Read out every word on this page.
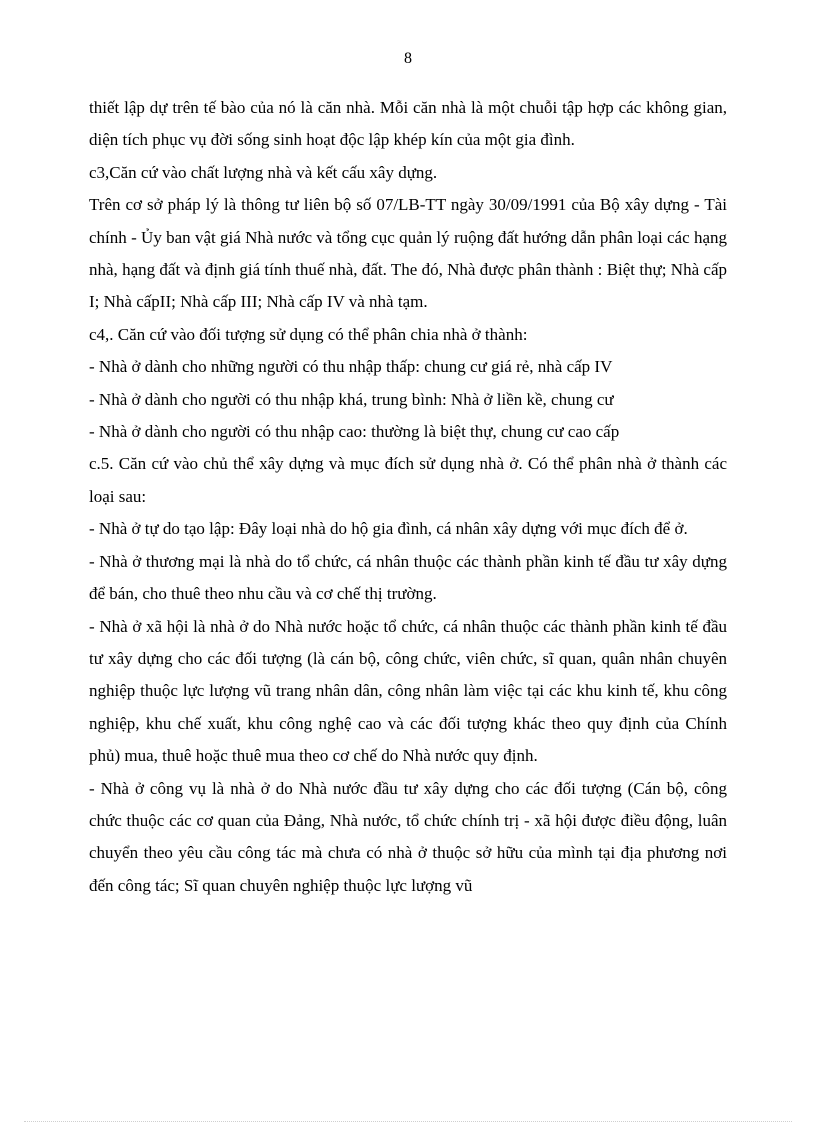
8

thiết lập dự trên tế bào của nó là căn nhà. Mỗi căn nhà là một chuỗi tập hợp các không gian, diện tích phục vụ đời sống sinh hoạt độc lập khép kín của một gia đình.

c3,Căn cứ vào chất lượng nhà và kết cấu xây dựng.

Trên cơ sở pháp lý là thông tư liên bộ số 07/LB-TT ngày 30/09/1991 của Bộ xây dựng - Tài chính - Ủy ban vật giá Nhà nước và tổng cục quản lý ruộng đất hướng dẫn phân loại các hạng nhà, hạng đất và định giá tính thuế nhà, đất. The đó, Nhà được phân thành : Biệt thự; Nhà cấp I; Nhà cấpII; Nhà cấp III; Nhà cấp IV và nhà tạm.

c4,. Căn cứ vào đối tượng sử dụng có thể phân chia nhà ở thành:

- Nhà ở dành cho những người có thu nhập thấp: chung cư giá rẻ, nhà cấp IV

- Nhà ở dành cho người có thu nhập khá, trung bình: Nhà ở liền kề, chung cư

- Nhà ở dành cho người có thu nhập cao: thường là biệt thự, chung cư cao cấp

c.5. Căn cứ vào chủ thể xây dựng và mục đích sử dụng nhà ở. Có thể phân nhà ở thành các loại sau:

- Nhà ở tự do tạo lập: Đây loại nhà do hộ gia đình, cá nhân xây dựng với mục đích để ở.

- Nhà ở thương mại là nhà do tổ chức, cá nhân thuộc các thành phần kinh tế đầu tư xây dựng để bán, cho thuê theo nhu cầu và cơ chế thị trường.

- Nhà ở xã hội là nhà ở do Nhà nước hoặc tổ chức, cá nhân thuộc các thành phần kinh tế đầu tư xây dựng cho các đối tượng (là cán bộ, công chức, viên chức, sĩ quan, quân nhân chuyên nghiệp thuộc lực lượng vũ trang nhân dân, công nhân làm việc tại các khu kinh tế, khu công nghiệp, khu chế xuất, khu công nghệ cao và các đối tượng khác theo quy định của Chính phủ) mua, thuê hoặc thuê mua theo cơ chế do Nhà nước quy định.

- Nhà ở công vụ là nhà ở do Nhà nước đầu tư xây dựng cho các đối tượng (Cán bộ, công chức thuộc các cơ quan của Đảng, Nhà nước, tổ chức chính trị - xã hội được điều động, luân chuyển theo yêu cầu công tác mà chưa có nhà ở thuộc sở hữu của mình tại địa phương nơi đến công tác; Sĩ quan chuyên nghiệp thuộc lực lượng vũ
